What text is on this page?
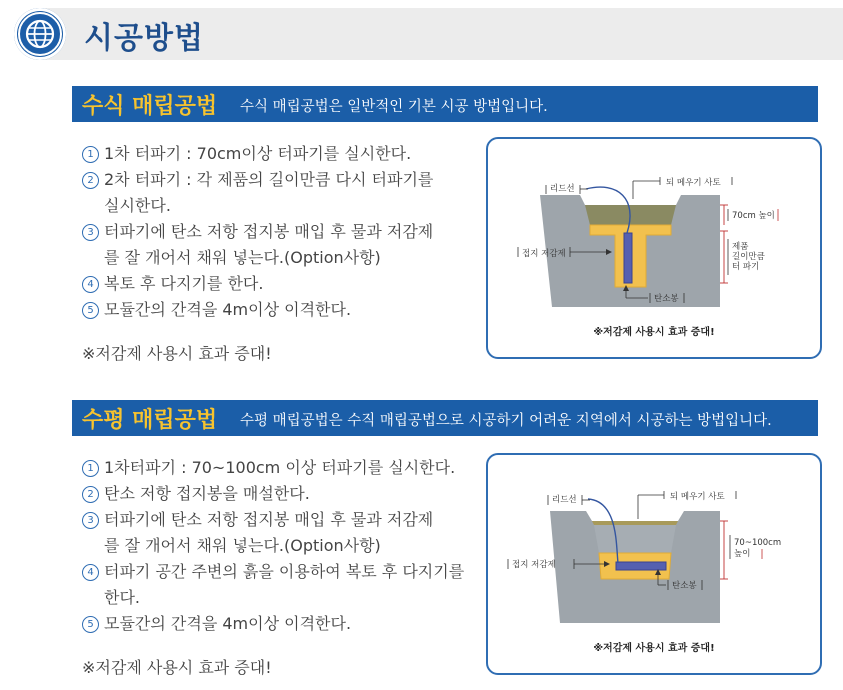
시공방법
수식 매립공법 수식 매립공법은 일반적인 기본 시공 방법입니다.
1 1차 터파기 : 70cm이상 터파기를 실시한다.
2 2차 터파기 : 각 제품의 길이만큼 다시 터파기를
실시한다.
3 터파기에 탄소 저항 접지봉 매입 후 물과 저감제
를 잘 개어서 채워 넣는다.(Option사항)
4 복토 후 다지기를 한다.
5 모듈간의 간격을 4m이상 이격한다.
※저감제 사용시 효과 증대!
리드선
되 메우기 사토
70cm 높이
제품
길이만큼
터 파기
접지 저감제
탄소봉
※저감제 사용시 효과 증대!
수평 매립공법 수평 매립공법은 수직 매립공법으로 시공하기 어려운 지역에서 시공하는 방법입니다.
1 1차터파기 : 70~100cm 이상 터파기를 실시한다.
2 탄소 저항 접지봉을 매설한다.
3 터파기에 탄소 저항 접지봉 매입 후 물과 저감제
를 잘 개어서 채워 넣는다.(Option사항)
4 터파기 공간 주변의 흙을 이용하여 복토 후 다지기를
한다.
5 모듈간의 간격을 4m이상 이격한다.
※저감제 사용시 효과 증대!
리드선	되 메우기 사토
70~100cm
높이
접지 저감제
탄소봉
※저감제 사용시 효과 증대!
